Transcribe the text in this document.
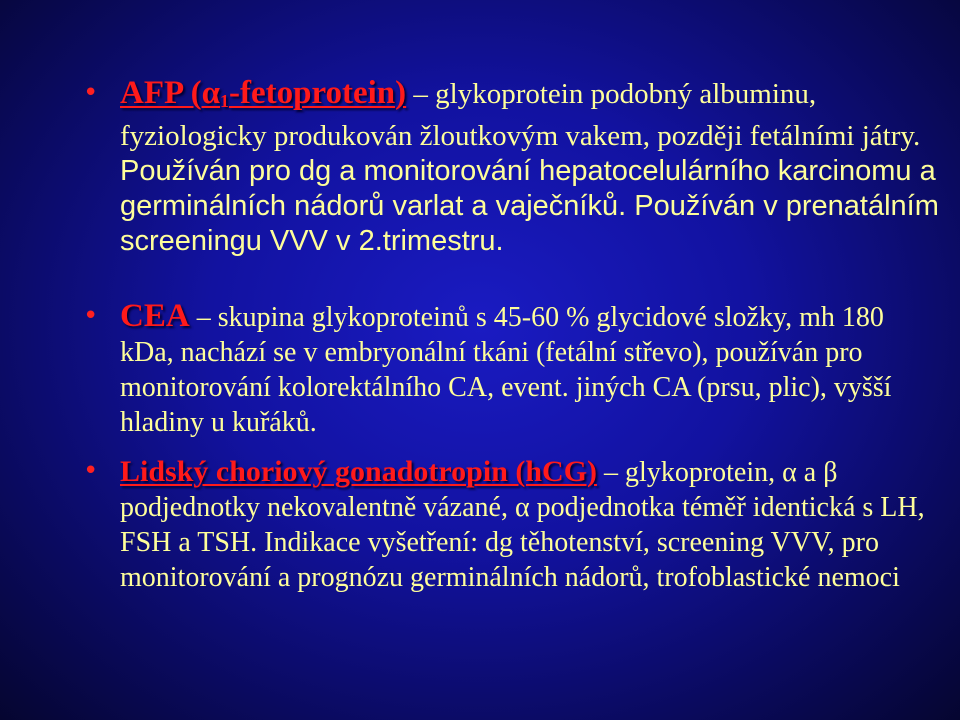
• AFP $(\alpha_1-fetoprotein)$ – glykoprotein podobný albuminu, fyziologicky produkován žloutkovým vakem, později fetálními játry. Používán pro dg a monitorování hepatocelulárního karcinomu a germinálních nádorů varlat a vaječníků. Používán v prenatálním screeningu VVV v 2.trimestru.
• CEA – skupina glykoproteinů s 45-60 % glycidové složky, mh 180 kDa, nachází se v embryonální tkáni (fetální střevo), používán pro monitorování kolorektálního CA, event. jiných CA (prsu, plic), vyšší hladiny u kuřáků.
• Lidský choriový gonadotropin (hCG) – glykoprotein, α a β podjednotky nekovalentně vázané, α podjednotka téměř identická s LH, FSH a TSH. Indikace vyšetření: dg těhotenství, screening VVV, pro monitorování a prognózu germinálních nádorů, trofoblastické nemoci
